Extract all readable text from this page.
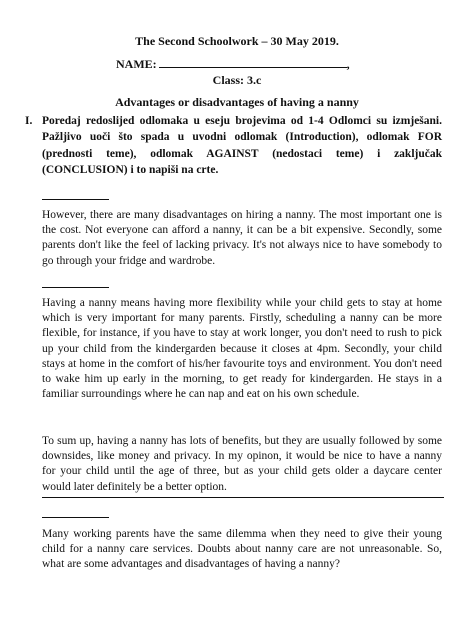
The Second Schoolwork – 30 May 2019.
NAME:	,
Class: 3.c
Advantages or disadvantages of having a nanny
I. Poredaj redoslijed odlomaka u eseju brojevima od 1-4 Odlomci su izmješani. Pažljivo uoči što spada u uvodni odlomak (Introduction), odlomak FOR (prednosti teme), odlomak AGAINST (nedostaci teme) i zaključak (CONCLUSION) i to napiši na crte.
However, there are many disadvantages on hiring a nanny. The most important one is the cost. Not everyone can afford a nanny, it can be a bit expensive. Secondly, some parents don't like the feel of lacking privacy. It's not always nice to have somebody to go through your fridge and wardrobe.
Having a nanny means having more flexibility while your child gets to stay at home which is very important for many parents. Firstly, scheduling a nanny can be more flexible, for instance, if you have to stay at work longer, you don't need to rush to pick up your child from the kindergarden because it closes at 4pm. Secondly, your child stays at home in the comfort of his/her favourite toys and environment. You don't need to wake him up early in the morning, to get ready for kindergarden. He stays in a familiar surroundings where he can nap and eat on his own schedule.
To sum up, having a nanny has lots of benefits, but they are usually followed by some downsides, like money and privacy. In my opinon, it would be nice to have a nanny for your child until the age of three, but as your child gets older a daycare center would later definitely be a better option.
Many working parents have the same dilemma when they need to give their young child for a nanny care services. Doubts about nanny care are not unreasonable. So, what are some advantages and disadvantages of having a nanny?
